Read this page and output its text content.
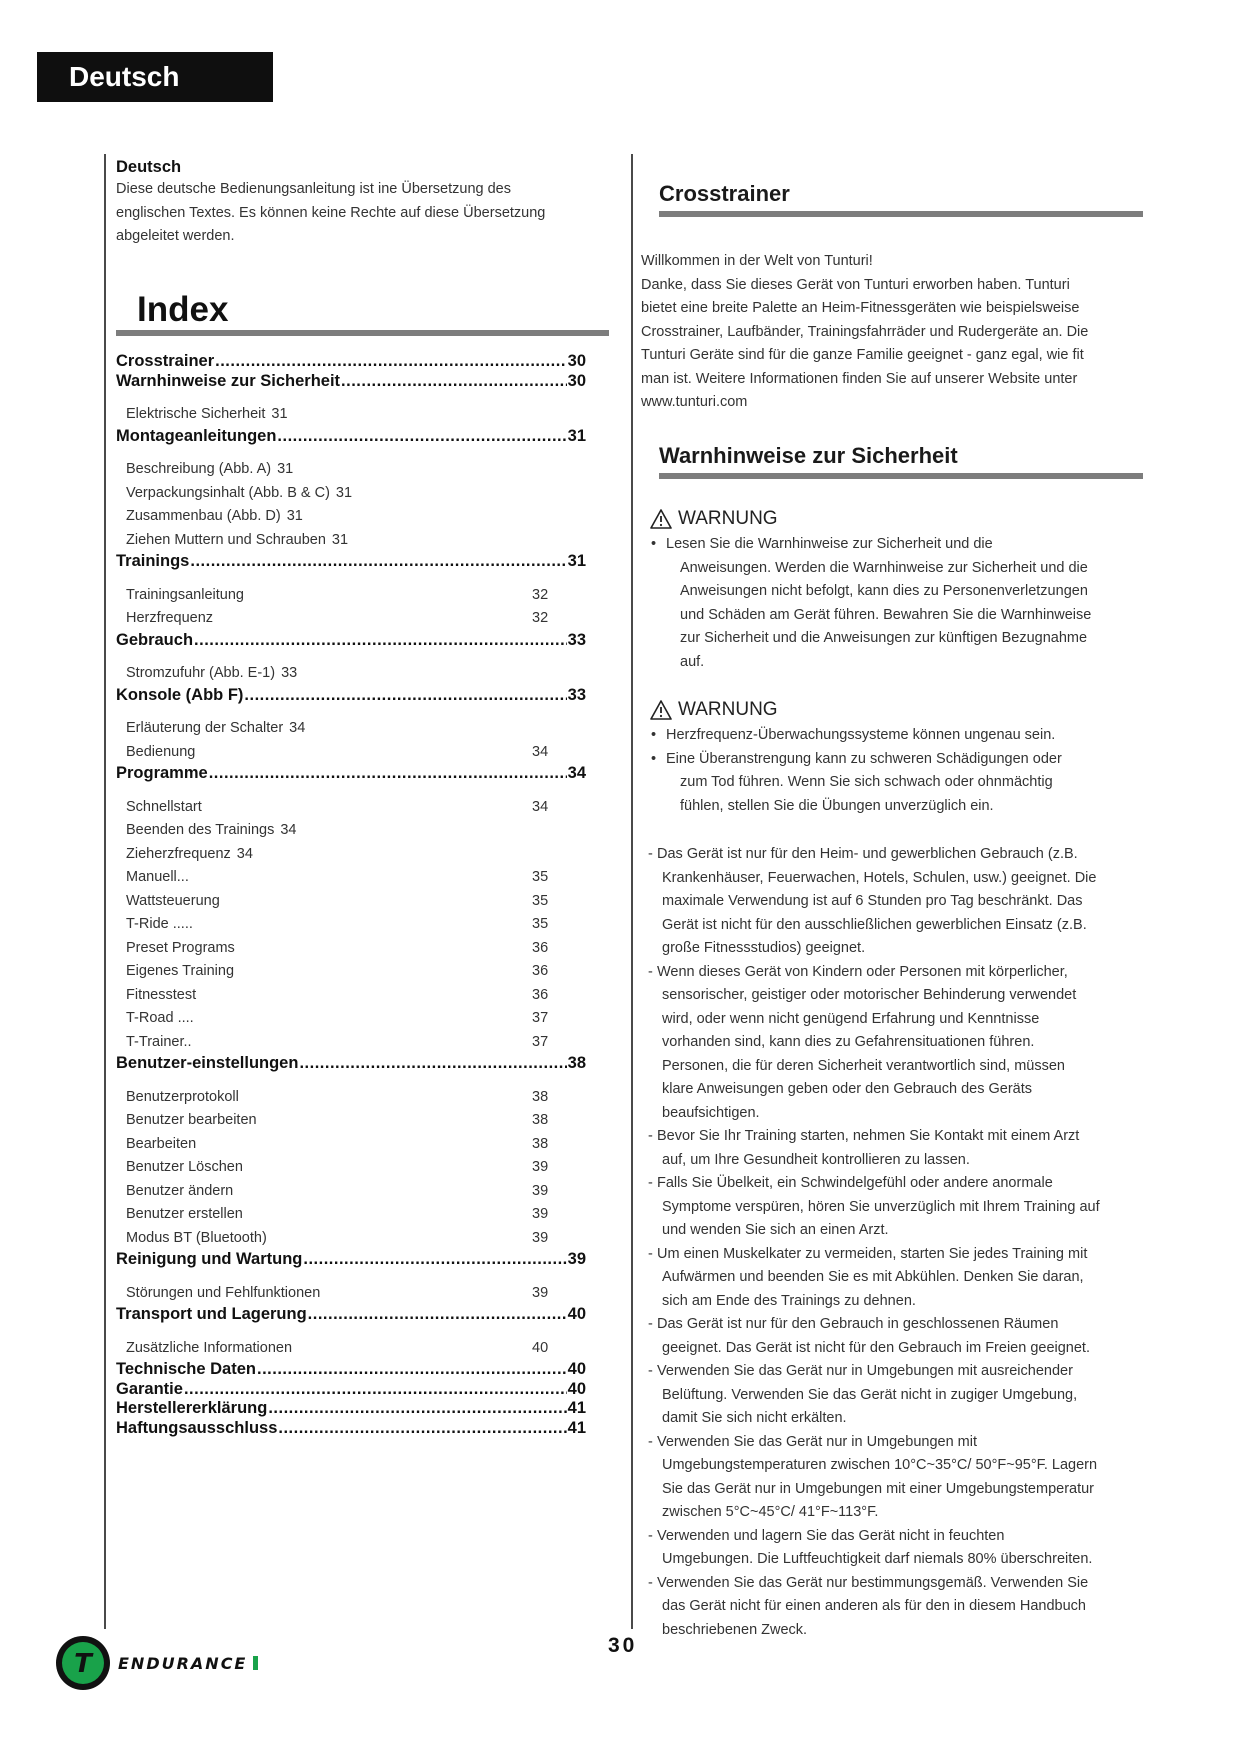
Deutsch
Deutsch
Diese deutsche Bedienungsanleitung ist ine Übersetzung des
englischen Textes. Es können keine Rechte auf diese Übersetzung
abgeleitet werden.
Index
Crosstrainer .....	30
Warnhinweise zur Sicherheit .....	30
Elektrische Sicherheit 31
Montageanleitungen .....	31
Beschreibung (Abb. A) 31
Verpackungsinhalt (Abb. B & C) 31
Zusammenbau (Abb. D) 31
Ziehen Muttern und Schrauben 31
Trainings .....	31
Trainingsanleitung	32
Herzfrequenz	32
Gebrauch .....	33
Stromzufuhr (Abb. E-1) 33
Konsole (Abb F) .....	33
Erläuterung der Schalter 34
Bedienung	34
Programme .....	34
Schnellstart	34
Beenden des Trainings 34
Zieherzfrequenz 34
Manuell...	35
Wattsteuerung	35
T-Ride .....	35
Preset Programs	36
Eigenes Training	36
Fitnesstest	36
T-Road ....	37
T-Trainer..	37
Benutzer-einstellungen .....	38
Benutzerprotokoll	38
Benutzer bearbeiten	38
Bearbeiten	38
Benutzer Löschen	39
Benutzer ändern	39
Benutzer erstellen	39
Modus BT (Bluetooth)	39
Reinigung und Wartung .....	39
Störungen und Fehlfunktionen	39
Transport und Lagerung .....	40
Zusätzliche Informationen	40
Technische Daten .....	40
Garantie .....	40
Herstellererklärung .....	41
Haftungsausschluss .....	41
Crosstrainer
Willkommen in der Welt von Tunturi!
Danke, dass Sie dieses Gerät von Tunturi erworben haben. Tunturi
bietet eine breite Palette an Heim-Fitnessgeräten wie beispielsweise
Crosstrainer, Laufbänder, Trainingsfahrräder und Rudergeräte an. Die
Tunturi Geräte sind für die ganze Familie geeignet - ganz egal, wie fit
man ist. Weitere Informationen finden Sie auf unserer Website unter
www.tunturi.com
Warnhinweise zur Sicherheit
WARNUNG
• Lesen Sie die Warnhinweise zur Sicherheit und die
Anweisungen. Werden die Warnhinweise zur Sicherheit und die
Anweisungen nicht befolgt, kann dies zu Personenverletzungen
und Schäden am Gerät führen. Bewahren Sie die Warnhinweise
zur Sicherheit und die Anweisungen zur künftigen Bezugnahme
auf.
WARNUNG
• Herzfrequenz-Überwachungssysteme können ungenau sein.
• Eine Überanstrengung kann zu schweren Schädigungen oder
zum Tod führen. Wenn Sie sich schwach oder ohnmächtig
fühlen, stellen Sie die Übungen unverzüglich ein.
- Das Gerät ist nur für den Heim- und gewerblichen Gebrauch (z.B.
Krankenhäuser, Feuerwachen, Hotels, Schulen, usw.) geeignet. Die
maximale Verwendung ist auf 6 Stunden pro Tag beschränkt. Das
Gerät ist nicht für den ausschließlichen gewerblichen Einsatz (z.B.
große Fitnessstudios) geeignet.
- Wenn dieses Gerät von Kindern oder Personen mit körperlicher,
sensorischer, geistiger oder motorischer Behinderung verwendet
wird, oder wenn nicht genügend Erfahrung und Kenntnisse
vorhanden sind, kann dies zu Gefahrensituationen führen.
Personen, die für deren Sicherheit verantwortlich sind, müssen
klare Anweisungen geben oder den Gebrauch des Geräts
beaufsichtigen.
- Bevor Sie Ihr Training starten, nehmen Sie Kontakt mit einem Arzt
auf, um Ihre Gesundheit kontrollieren zu lassen.
- Falls Sie Übelkeit, ein Schwindelgefühl oder andere anormale
Symptome verspüren, hören Sie unverzüglich mit Ihrem Training auf
und wenden Sie sich an einen Arzt.
- Um einen Muskelkater zu vermeiden, starten Sie jedes Training mit
Aufwärmen und beenden Sie es mit Abkühlen. Denken Sie daran,
sich am Ende des Trainings zu dehnen.
- Das Gerät ist nur für den Gebrauch in geschlossenen Räumen
geeignet. Das Gerät ist nicht für den Gebrauch im Freien geeignet.
- Verwenden Sie das Gerät nur in Umgebungen mit ausreichender
Belüftung. Verwenden Sie das Gerät nicht in zugiger Umgebung,
damit Sie sich nicht erkälten.
- Verwenden Sie das Gerät nur in Umgebungen mit
Umgebungstemperaturen zwischen 10°C~35°C/ 50°F~95°F. Lagern
Sie das Gerät nur in Umgebungen mit einer Umgebungstemperatur
zwischen 5°C~45°C/ 41°F~113°F.
- Verwenden und lagern Sie das Gerät nicht in feuchten
Umgebungen. Die Luftfeuchtigkeit darf niemals 80% überschreiten.
- Verwenden Sie das Gerät nur bestimmungsgemäß. Verwenden Sie
das Gerät nicht für einen anderen als für den in diesem Handbuch
beschriebenen Zweck.
T ENDURANCE
30
